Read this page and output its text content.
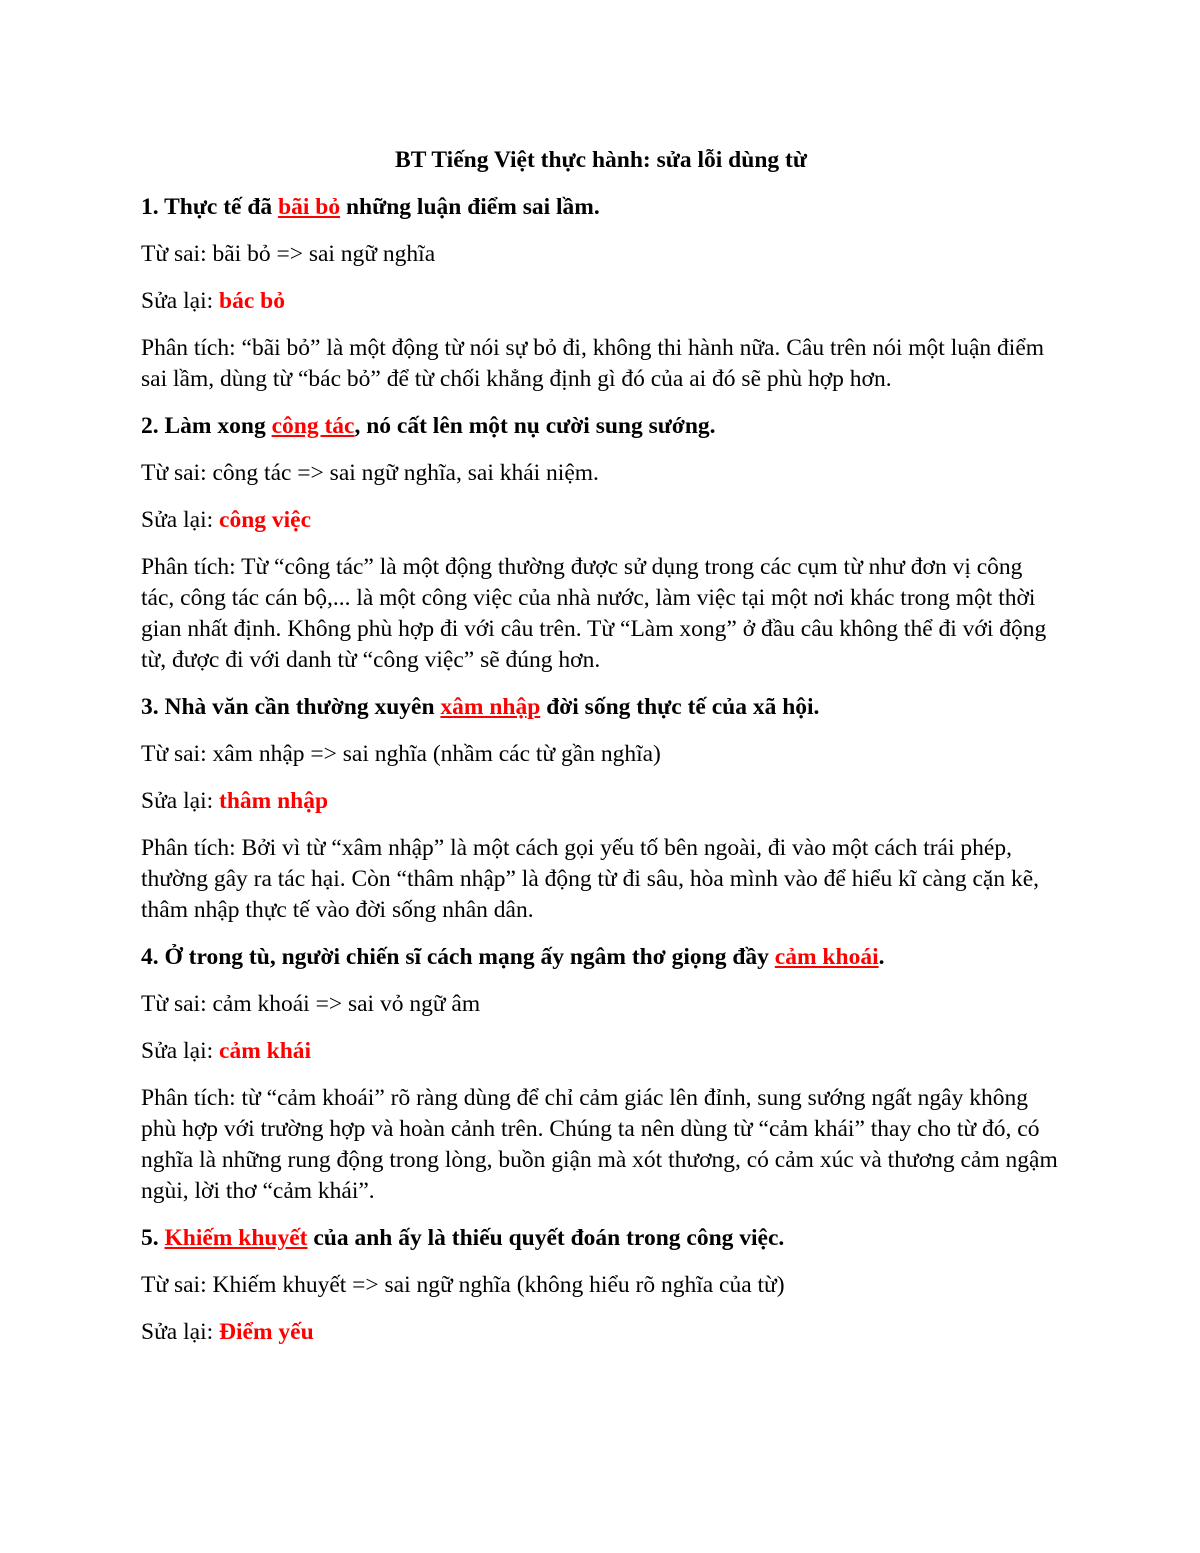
BT Tiếng Việt thực hành: sửa lỗi dùng từ

1. Thực tế đã bãi bỏ những luận điểm sai lầm.

Từ sai: bãi bỏ => sai ngữ nghĩa

Sửa lại: bác bỏ

Phân tích: “bãi bỏ” là một động từ nói sự bỏ đi, không thi hành nữa. Câu trên nói một luận điểm sai lầm, dùng từ “bác bỏ” để từ chối khẳng định gì đó của ai đó sẽ phù hợp hơn.

2. Làm xong công tác, nó cất lên một nụ cười sung sướng.

Từ sai: công tác => sai ngữ nghĩa, sai khái niệm.

Sửa lại: công việc

Phân tích: Từ “công tác” là một động thường được sử dụng trong các cụm từ như đơn vị công tác, công tác cán bộ,... là một công việc của nhà nước, làm việc tại một nơi khác trong một thời gian nhất định. Không phù hợp đi với câu trên. Từ “Làm xong” ở đầu câu không thể đi với động từ, được đi với danh từ “công việc” sẽ đúng hơn.

3. Nhà văn cần thường xuyên xâm nhập đời sống thực tế của xã hội.

Từ sai: xâm nhập => sai nghĩa (nhầm các từ gần nghĩa)

Sửa lại: thâm nhập

Phân tích: Bởi vì từ “xâm nhập” là một cách gọi yếu tố bên ngoài, đi vào một cách trái phép, thường gây ra tác hại. Còn “thâm nhập” là động từ đi sâu, hòa mình vào để hiểu kĩ càng cặn kẽ, thâm nhập thực tế vào đời sống nhân dân.

4. Ở trong tù, người chiến sĩ cách mạng ấy ngâm thơ giọng đầy cảm khoái.

Từ sai: cảm khoái => sai vỏ ngữ âm

Sửa lại: cảm khái

Phân tích: từ “cảm khoái” rõ ràng dùng để chỉ cảm giác lên đỉnh, sung sướng ngất ngây không phù hợp với trường hợp và hoàn cảnh trên. Chúng ta nên dùng từ “cảm khái” thay cho từ đó, có nghĩa là những rung động trong lòng, buồn giận mà xót thương, có cảm xúc và thương cảm ngậm ngùi, lời thơ “cảm khái”.

5. Khiếm khuyết của anh ấy là thiếu quyết đoán trong công việc.

Từ sai: Khiếm khuyết => sai ngữ nghĩa (không hiểu rõ nghĩa của từ)

Sửa lại: Điểm yếu
